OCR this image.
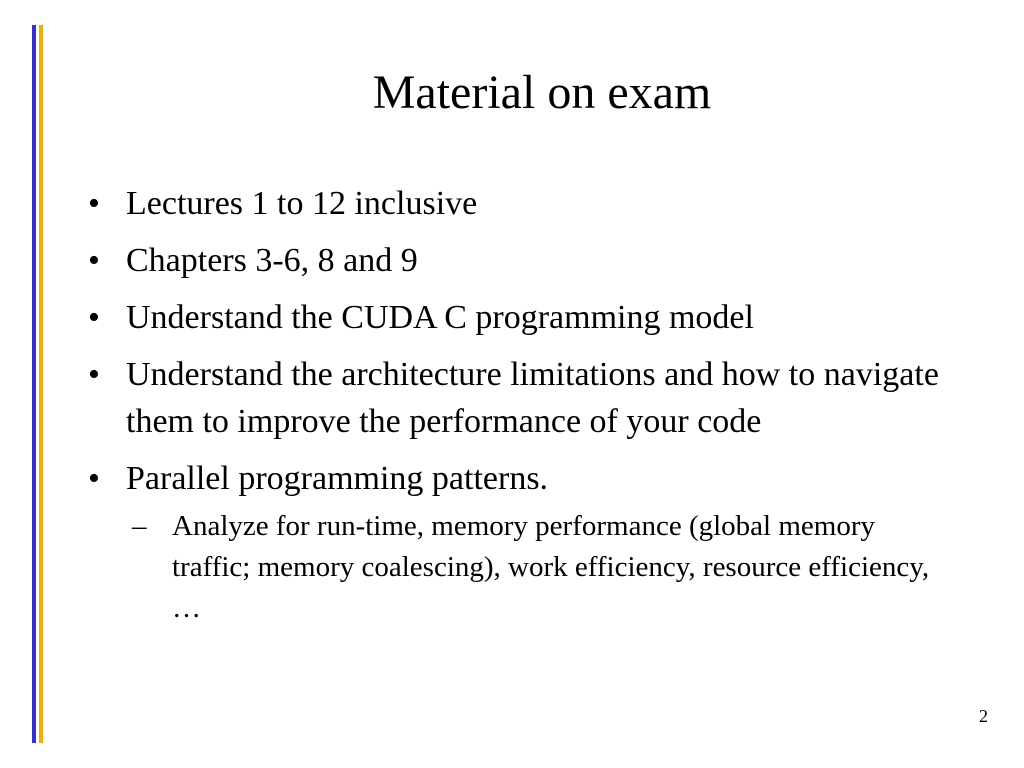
Material on exam
• Lectures 1 to 12 inclusive
• Chapters 3-6, 8 and 9
• Understand the CUDA C programming model
• Understand the architecture limitations and how to navigate them to improve the performance of your code
• Parallel programming patterns.
– Analyze for run-time, memory performance (global memory traffic; memory coalescing), work efficiency, resource efficiency, …
2
